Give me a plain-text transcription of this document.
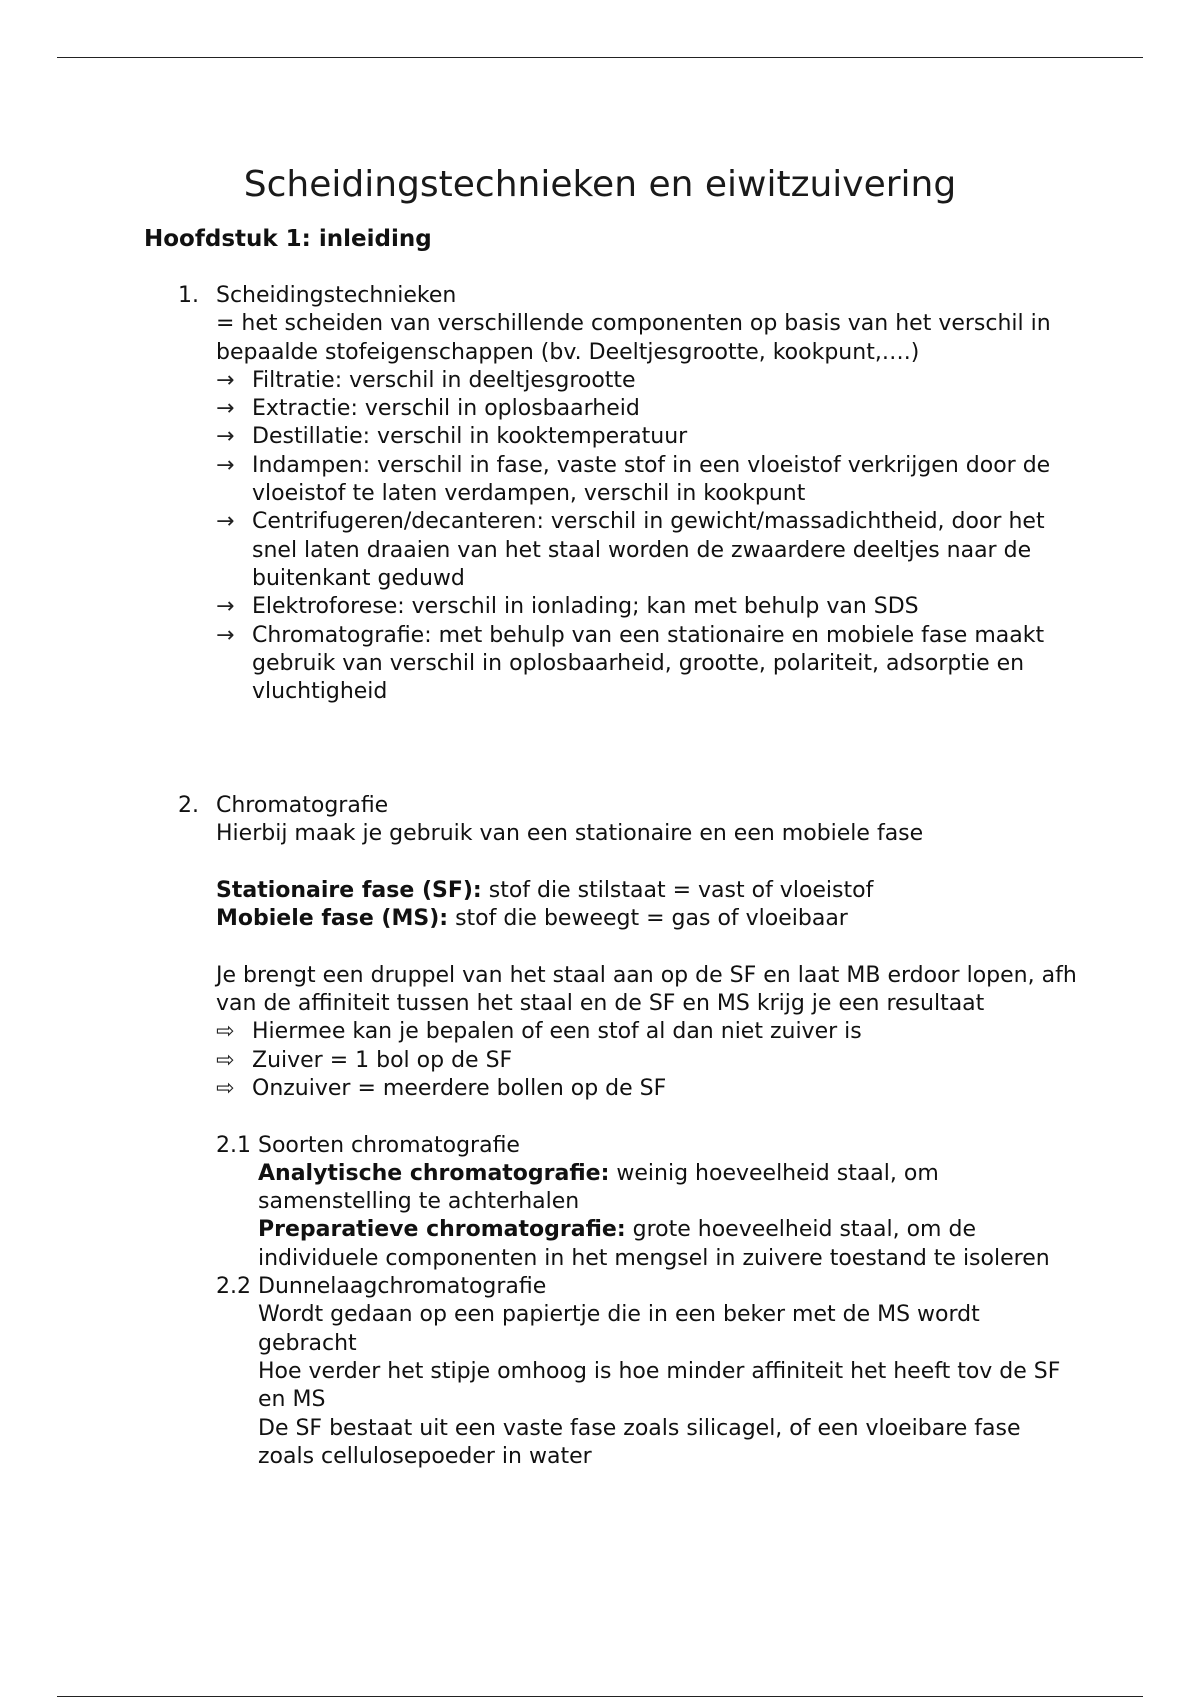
Scheidingstechnieken en eiwitzuivering
Hoofdstuk 1: inleiding
1. Scheidingstechnieken
= het scheiden van verschillende componenten op basis van het verschil in bepaalde stofeigenschappen (bv. Deeltjesgrootte, kookpunt,….)
→ Filtratie: verschil in deeltjesgrootte
→ Extractie: verschil in oplosbaarheid
→ Destillatie: verschil in kooktemperatuur
→ Indampen: verschil in fase, vaste stof in een vloeistof verkrijgen door de vloeistof te laten verdampen, verschil in kookpunt
→ Centrifugeren/decanteren: verschil in gewicht/massadichtheid, door het snel laten draaien van het staal worden de zwaardere deeltjes naar de buitenkant geduwd
→ Elektroforese: verschil in ionlading; kan met behulp van SDS
→ Chromatografie: met behulp van een stationaire en mobiele fase maakt gebruik van verschil in oplosbaarheid, grootte, polariteit, adsorptie en vluchtigheid
2. Chromatografie
Hierbij maak je gebruik van een stationaire en een mobiele fase
Stationaire fase (SF): stof die stilstaat = vast of vloeistof
Mobiele fase (MS): stof die beweegt = gas of vloeibaar
Je brengt een druppel van het staal aan op de SF en laat MB erdoor lopen, afh van de affiniteit tussen het staal en de SF en MS krijg je een resultaat
⇨ Hiermee kan je bepalen of een stof al dan niet zuiver is
⇨ Zuiver = 1 bol op de SF
⇨ Onzuiver = meerdere bollen op de SF
2.1 Soorten chromatografie
Analytische chromatografie: weinig hoeveelheid staal, om samenstelling te achterhalen
Preparatieve chromatografie: grote hoeveelheid staal, om de individuele componenten in het mengsel in zuivere toestand te isoleren
2.2 Dunnelaagchromatografie
Wordt gedaan op een papiertje die in een beker met de MS wordt gebracht
Hoe verder het stipje omhoog is hoe minder affiniteit het heeft tov de SF en MS
De SF bestaat uit een vaste fase zoals silicagel, of een vloeibare fase zoals cellulosepoeder in water
